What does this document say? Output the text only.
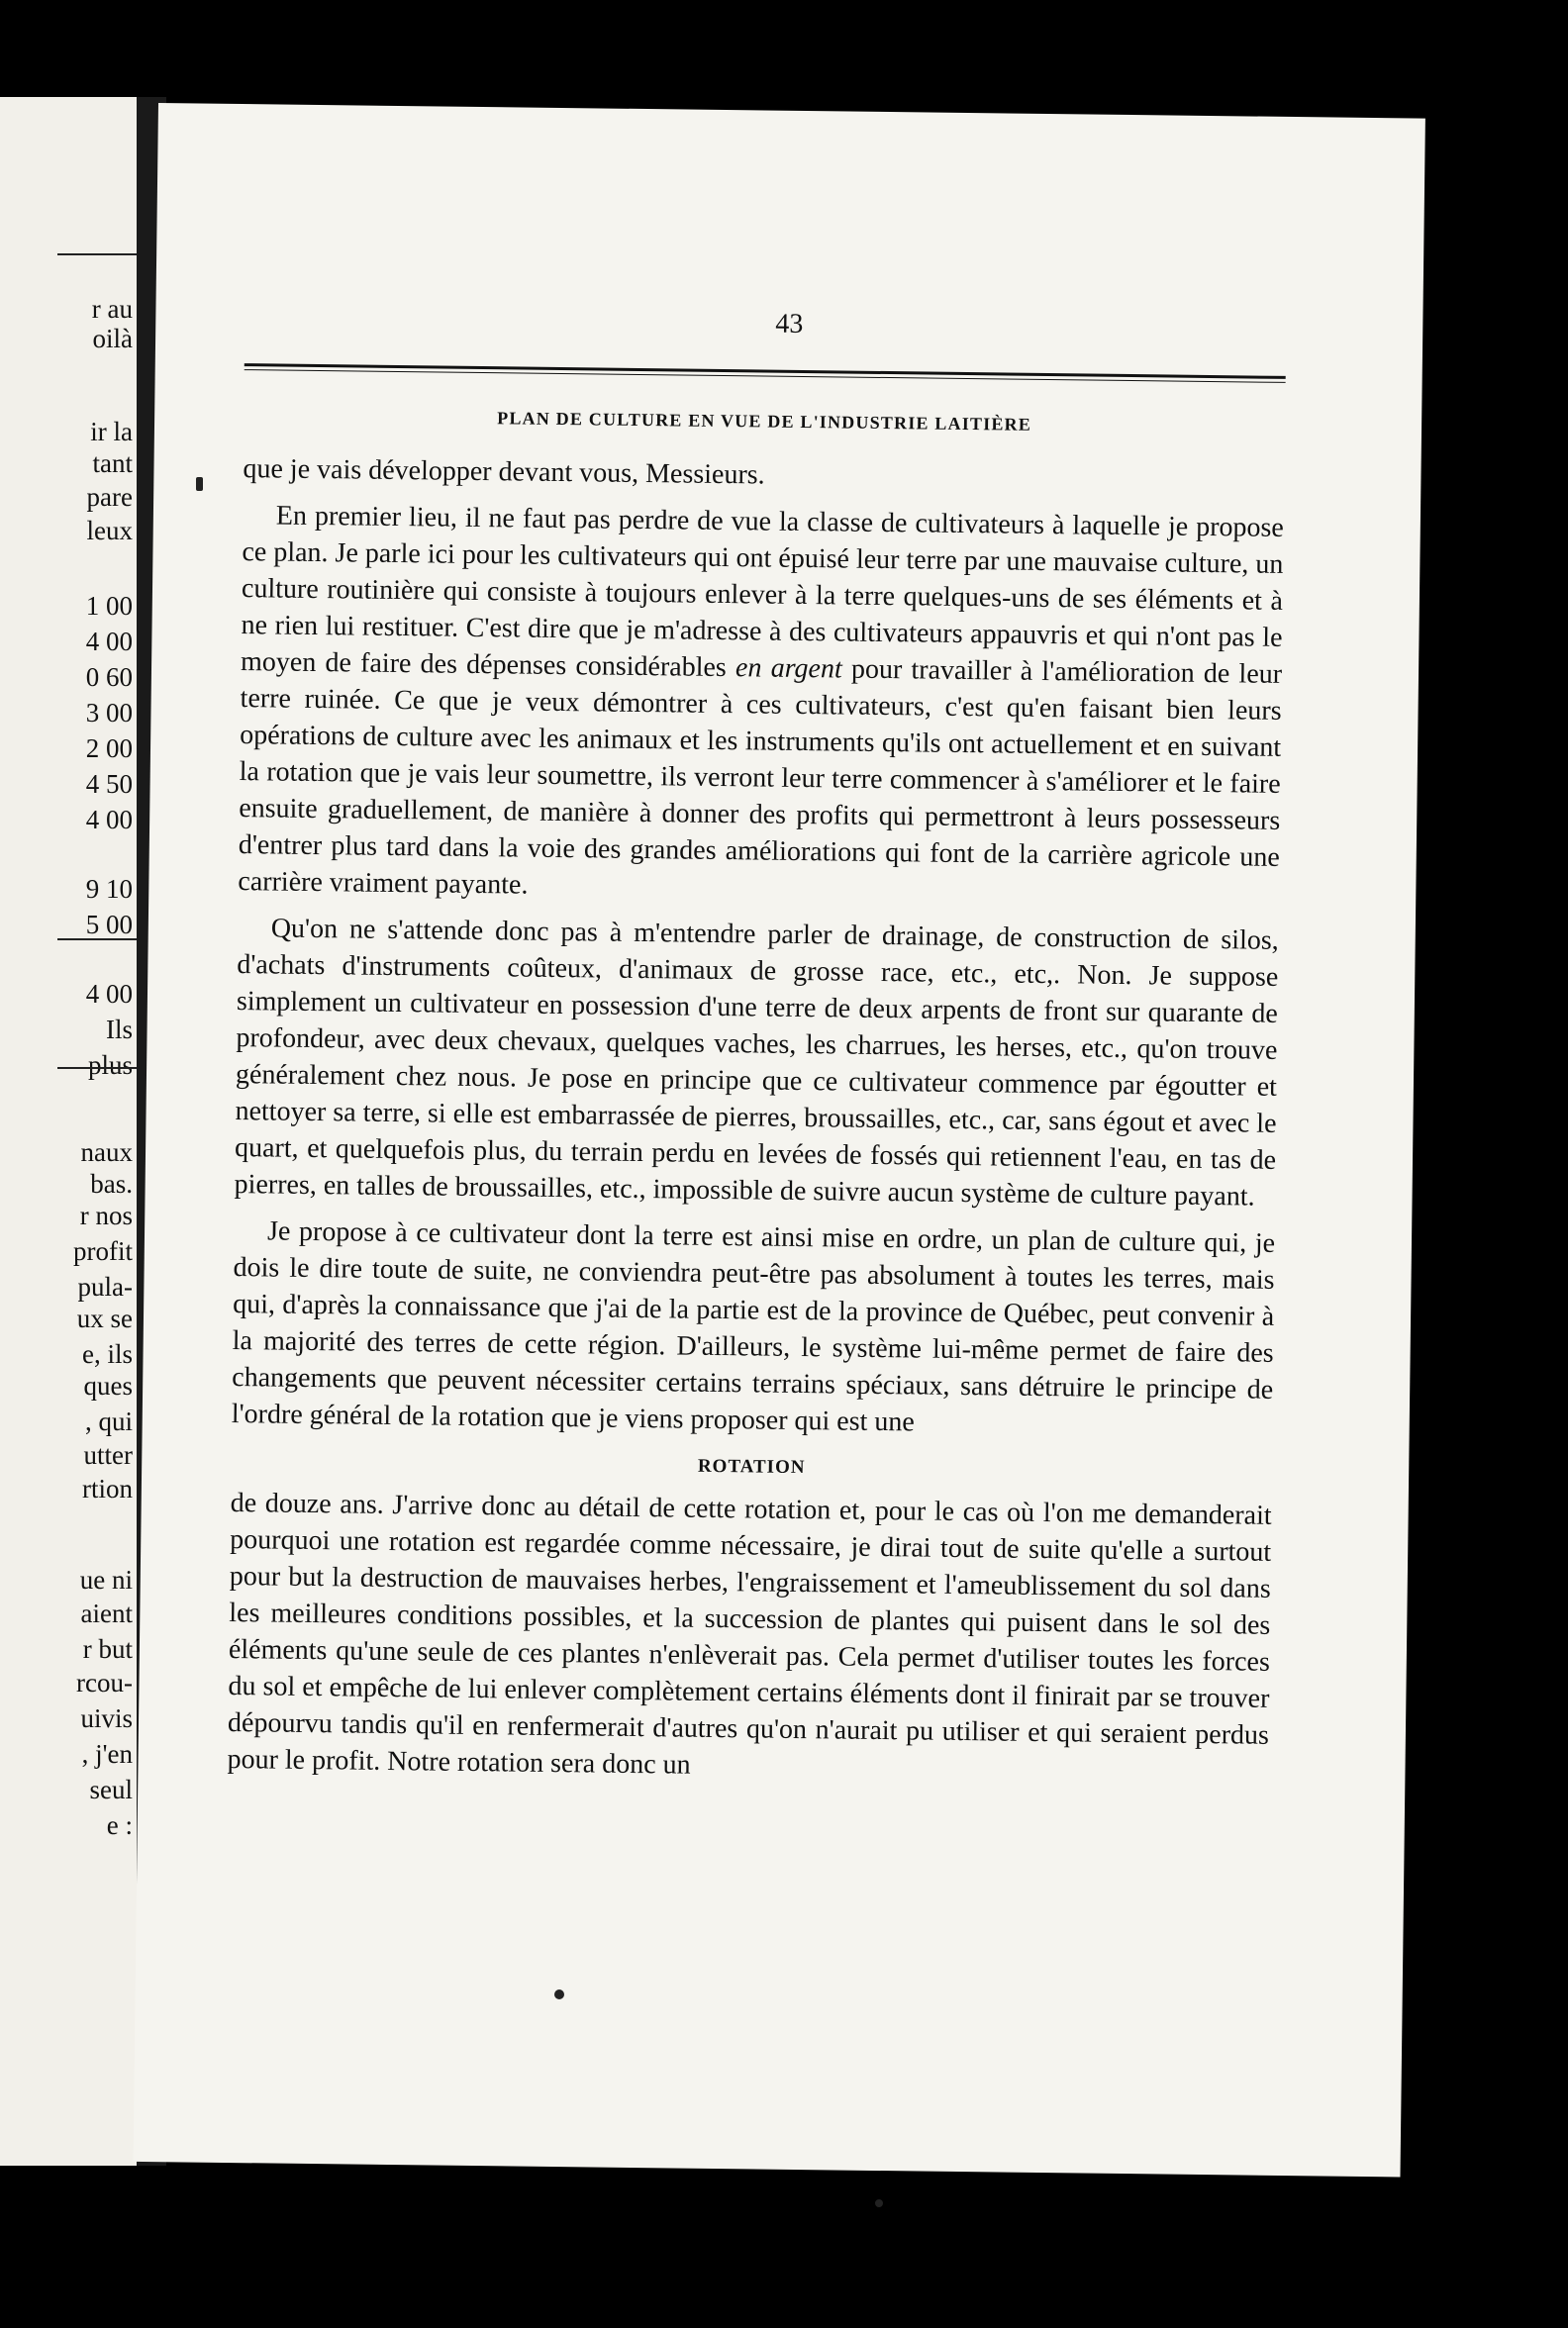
r au
oilà
ir la
tant
pare
leux
1 00
4 00
0 60
3 00
2 00
4 50
4 00
9 10
5 00
4 00
Ils
plus
naux
bas.
r nos
profit
pula-
ux se
e, ils
ques
, qui
utter
rtion
ue ni
aient
r but
rcou-
uivis
, j'en
seul
e :
43
PLAN DE CULTURE EN VUE DE L'INDUSTRIE LAITIÈRE

que je vais développer devant vous, Messieurs.

En premier lieu, il ne faut pas perdre de vue la classe de cultivateurs à laquelle je propose ce plan. Je parle ici pour les cultivateurs qui ont épuisé leur terre par une mauvaise culture, un culture routinière qui consiste à toujours enlever à la terre quelques-uns de ses éléments et à ne rien lui restituer. C'est dire que je m'adresse à des cultivateurs appauvris et qui n'ont pas le moyen de faire des dépenses considérables en argent pour travailler à l'amélioration de leur terre ruinée. Ce que je veux démontrer à ces cultivateurs, c'est qu'en faisant bien leurs opérations de culture avec les animaux et les instruments qu'ils ont actuellement et en suivant la rotation que je vais leur soumettre, ils verront leur terre commencer à s'améliorer et le faire ensuite graduellement, de manière à donner des profits qui permettront à leurs possesseurs d'entrer plus tard dans la voie des grandes améliorations qui font de la carrière agricole une carrière vraiment payante.

Qu'on ne s'attende donc pas à m'entendre parler de drainage, de construction de silos, d'achats d'instruments coûteux, d'animaux de grosse race, etc., etc,. Non. Je suppose simplement un cultivateur en possession d'une terre de deux arpents de front sur quarante de profondeur, avec deux chevaux, quelques vaches, les charrues, les herses, etc., qu'on trouve généralement chez nous. Je pose en principe que ce cultivateur commence par égoutter et nettoyer sa terre, si elle est embarrassée de pierres, broussailles, etc., car, sans égout et avec le quart, et quelquefois plus, du terrain perdu en levées de fossés qui retiennent l'eau, en tas de pierres, en talles de broussailles, etc., impossible de suivre aucun système de culture payant.

Je propose à ce cultivateur dont la terre est ainsi mise en ordre, un plan de culture qui, je dois le dire toute de suite, ne conviendra peut-être pas absolument à toutes les terres, mais qui, d'après la connaissance que j'ai de la partie est de la province de Québec, peut convenir à la majorité des terres de cette région. D'ailleurs, le système lui-même permet de faire des changements que peuvent nécessiter certains terrains spéciaux, sans détruire le principe de l'ordre général de la rotation que je viens proposer qui est une

ROTATION

de douze ans. J'arrive donc au détail de cette rotation et, pour le cas où l'on me demanderait pourquoi une rotation est regardée comme nécessaire, je dirai tout de suite qu'elle a surtout pour but la destruction de mauvaises herbes, l'engraissement et l'ameublissement du sol dans les meilleures conditions possibles, et la succession de plantes qui puisent dans le sol des éléments qu'une seule de ces plantes n'enlèverait pas. Cela permet d'utiliser toutes les forces du sol et empêche de lui enlever complètement certains éléments dont il finirait par se trouver dépourvu tandis qu'il en renfermerait d'autres qu'on n'aurait pu utiliser et qui seraient perdus pour le profit. Notre rotation sera donc un
